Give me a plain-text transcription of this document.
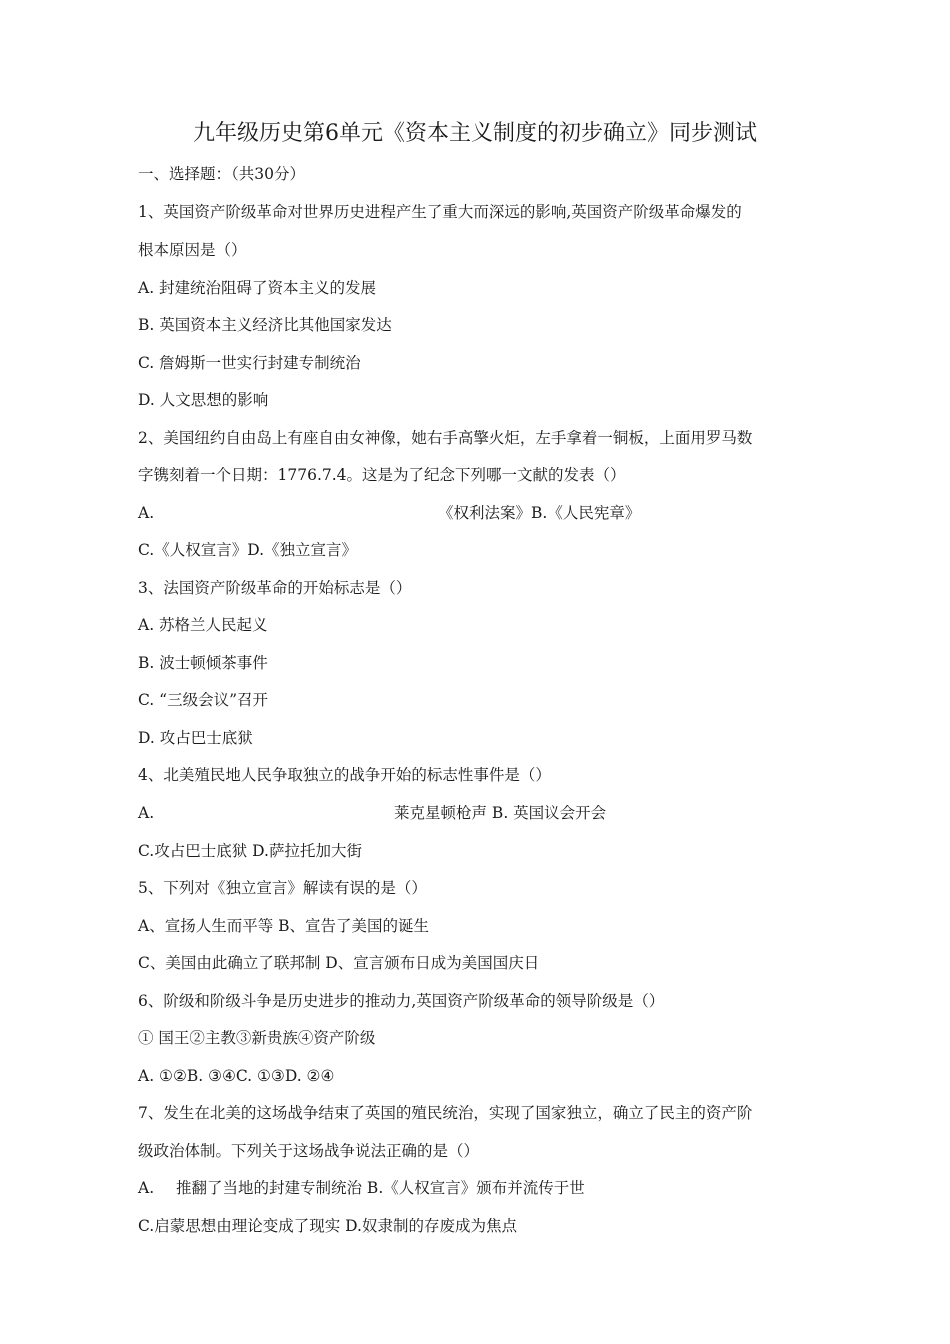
九年级历史第6单元《资本主义制度的初步确立》同步测试
一、选择题：（共30分）
1、英国资产阶级革命对世界历史进程产生了重大而深远的影响,英国资产阶级革命爆发的
根本原因是（）
A. 封建统治阻碍了资本主义的发展
B. 英国资本主义经济比其他国家发达
C. 詹姆斯一世实行封建专制统治
D. 人文思想的影响
2、美国纽约自由岛上有座自由女神像，她右手高擎火炬，左手拿着一铜板，上面用罗马数
字镌刻着一个日期：1776.7.4。这是为了纪念下列哪一文献的发表（）
A.	《权利法案》B.《人民宪章》
C.《人权宣言》D.《独立宣言》
3、法国资产阶级革命的开始标志是（）
A. 苏格兰人民起义
B. 波士顿倾茶事件
C. “三级会议”召开
D. 攻占巴士底狱
4、北美殖民地人民争取独立的战争开始的标志性事件是（）
A.	莱克星顿枪声 B. 英国议会开会
C.攻占巴士底狱 D.萨拉托加大街
5、下列对《独立宣言》解读有误的是（）
A、宣扬人生而平等 B、宣告了美国的诞生
C、美国由此确立了联邦制 D、宣言颁布日成为美国国庆日
6、阶级和阶级斗争是历史进步的推动力,英国资产阶级革命的领导阶级是（）
① 国王②主教③新贵族④资产阶级
A. ①②B. ③④C. ①③D. ②④
7、发生在北美的这场战争结束了英国的殖民统治，实现了国家独立，确立了民主的资产阶
级政治体制。下列关于这场战争说法正确的是（）
A. 推翻了当地的封建专制统治 B.《人权宣言》颁布并流传于世
C.启蒙思想由理论变成了现实 D.奴隶制的存废成为焦点
